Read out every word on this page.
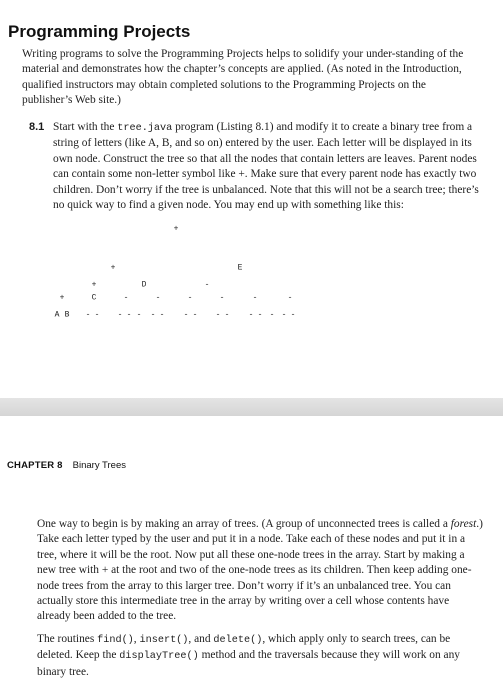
Programming Projects

Writing programs to solve the Programming Projects helps to solidify your under-standing of the material and demonstrates how the chapter’s concepts are applied. (As noted in the Introduction, qualified instructors may obtain completed solutions to the Programming Projects on the publisher’s Web site.)

8.1 Start with the tree.java program (Listing 8.1) and modify it to create a binary tree from a string of letters (like A, B, and so on) entered by the user. Each letter will be displayed in its own node. Construct the tree so that all the nodes that contain letters are leaves. Parent nodes can contain some non-letter symbol like +. Make sure that every parent node has exactly two children. Don’t worry if the tree is unbalanced. Note that this will not be a search tree; there’s no quick way to find a given node. You may end up with something like this:

+
+	E
+	D	-
+	C	-	-	-	-	-	-
A B - - - - - - - - - - - - - -
-
-
CHAPTER 8 Binary Trees

One way to begin is by making an array of trees. (A group of unconnected trees is called a forest.) Take each letter typed by the user and put it in a node. Take each of these nodes and put it in a tree, where it will be the root. Now put all these one-node trees in the array. Start by making a new tree with + at the root and two of the one-node trees as its children. Then keep adding one-node trees from the array to this larger tree. Don’t worry if it’s an unbalanced tree. You can actually store this intermediate tree in the array by writing over a cell whose contents have already been added to the tree.

The routines find(), insert(), and delete(), which apply only to search trees, can be deleted. Keep the displayTree() method and the traversals because they will work on any binary tree.
